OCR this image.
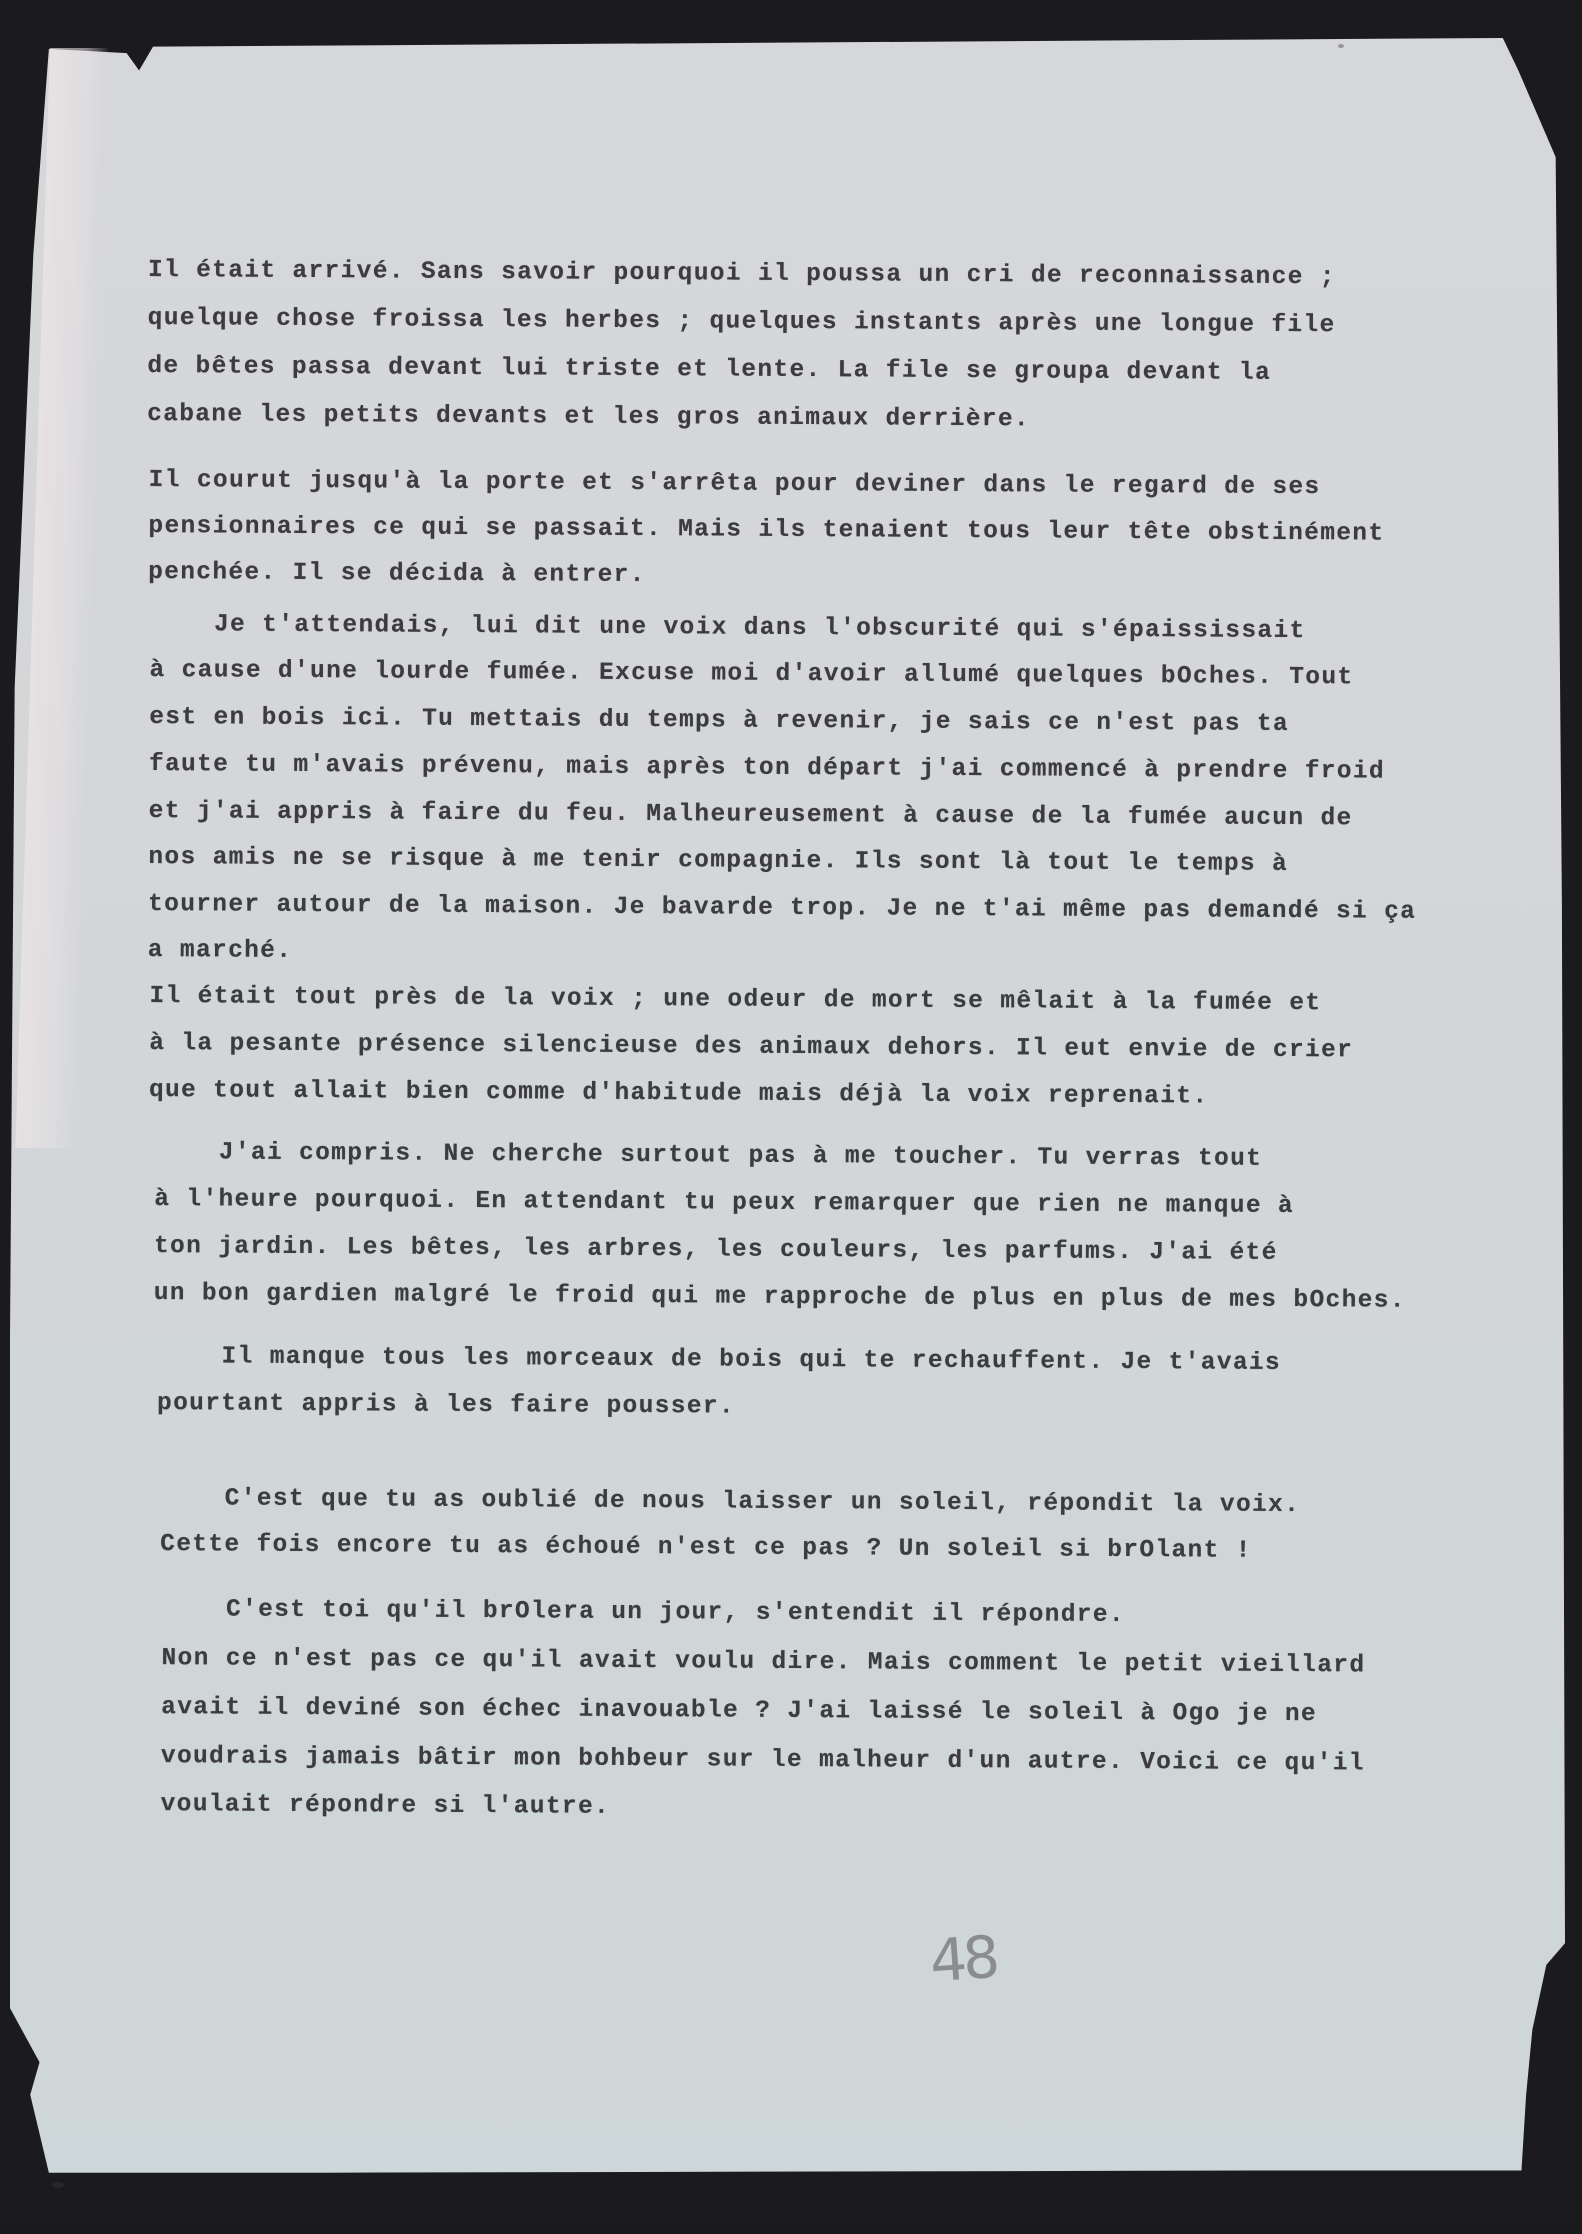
Il était arrivé. Sans savoir pourquoi il poussa un cri de reconnaissance ;
quelque chose froissa les herbes ; quelques instants après une longue file
de bêtes passa devant lui triste et lente. La file se groupa devant la
cabane les petits devants et les gros animaux derrière.
Il courut jusqu'à la porte et s'arrêta pour deviner dans le regard de ses
pensionnaires ce qui se passait. Mais ils tenaient tous leur tête obstinément
penchée. Il se décida à entrer.
Je t'attendais, lui dit une voix dans l'obscurité qui s'épaississait
à cause d'une lourde fumée. Excuse moi d'avoir allumé quelques bOches. Tout
est en bois ici. Tu mettais du temps à revenir, je sais ce n'est pas ta
faute tu m'avais prévenu, mais après ton départ j'ai commencé à prendre froid
et j'ai appris à faire du feu. Malheureusement à cause de la fumée aucun de
nos amis ne se risque à me tenir compagnie. Ils sont là tout le temps à
tourner autour de la maison. Je bavarde trop. Je ne t'ai même pas demandé si ça
a marché.
Il était tout près de la voix ; une odeur de mort se mêlait à la fumée et
à la pesante présence silencieuse des animaux dehors. Il eut envie de crier
que tout allait bien comme d'habitude mais déjà la voix reprenait.
J'ai compris. Ne cherche surtout pas à me toucher. Tu verras tout
à l'heure pourquoi. En attendant tu peux remarquer que rien ne manque à
ton jardin. Les bêtes, les arbres, les couleurs, les parfums. J'ai été
un bon gardien malgré le froid qui me rapproche de plus en plus de mes bOches.
Il manque tous les morceaux de bois qui te rechauffent. Je t'avais
pourtant appris à les faire pousser.
C'est que tu as oublié de nous laisser un soleil, répondit la voix.
Cette fois encore tu as échoué n'est ce pas ? Un soleil si brOlant !
C'est toi qu'il brOlera un jour, s'entendit il répondre.
Non ce n'est pas ce qu'il avait voulu dire. Mais comment le petit vieillard
avait il deviné son échec inavouable ? J'ai laissé le soleil à Ogo je ne
voudrais jamais bâtir mon bohbeur sur le malheur d'un autre. Voici ce qu'il
voulait répondre si l'autre.
48
